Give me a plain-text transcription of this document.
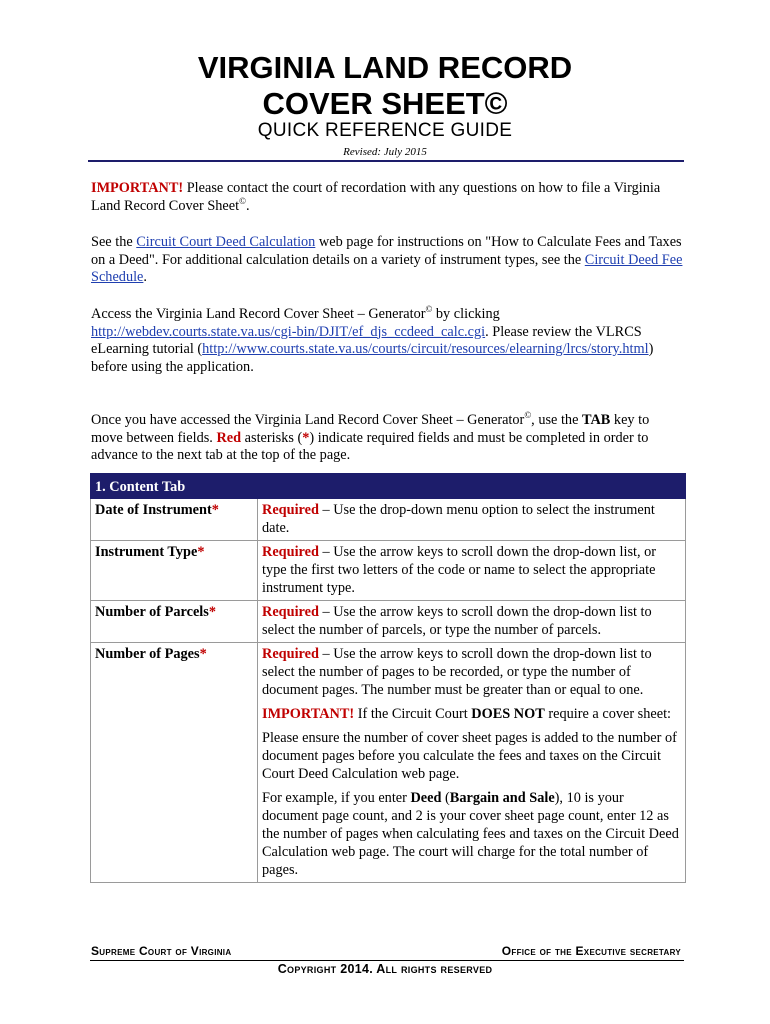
VIRGINIA LAND RECORD
COVER SHEET©
QUICK REFERENCE GUIDE
Revised: July 2015

IMPORTANT! Please contact the court of recordation with any questions on how to file a Virginia Land Record Cover Sheet©.

See the Circuit Court Deed Calculation web page for instructions on "How to Calculate Fees and Taxes on a Deed". For additional calculation details on a variety of instrument types, see the Circuit Deed Fee Schedule.

Access the Virginia Land Record Cover Sheet – Generator© by clicking http://webdev.courts.state.va.us/cgi-bin/DJIT/ef_djs_ccdeed_calc.cgi. Please review the VLRCS eLearning tutorial (http://www.courts.state.va.us/courts/circuit/resources/elearning/lrcs/story.html) before using the application.

Once you have accessed the Virginia Land Record Cover Sheet – Generator©, use the TAB key to move between fields. Red asterisks (*) indicate required fields and must be completed in order to advance to the next tab at the top of the page.

1. Content Tab	
Date of Instrument*	Required – Use the drop-down menu option to select the instrument date.

Instrument Type*	Required – Use the arrow keys to scroll down the drop-down list, or type the first two letters of the code or name to select the appropriate instrument type.

Number of Parcels*	Required – Use the arrow keys to scroll down the drop-down list to select the number of parcels, or type the number of parcels.

Number of Pages*	Required – Use the arrow keys to scroll down the drop-down list to select the number of pages to be recorded, or type the number of document pages. The number must be greater than or equal to one.

IMPORTANT! If the Circuit Court DOES NOT require a cover sheet:

Please ensure the number of cover sheet pages is added to the number of document pages before you calculate the fees and taxes on the Circuit Court Deed Calculation web page.

For example, if you enter Deed (Bargain and Sale), 10 is your document page count, and 2 is your cover sheet page count, enter 12 as the number of pages when calculating fees and taxes on the Circuit Deed Calculation web page. The court will charge for the total number of pages.

Supreme Court of Virginia	Office of the Executive secretary
Copyright 2014. All rights reserved
